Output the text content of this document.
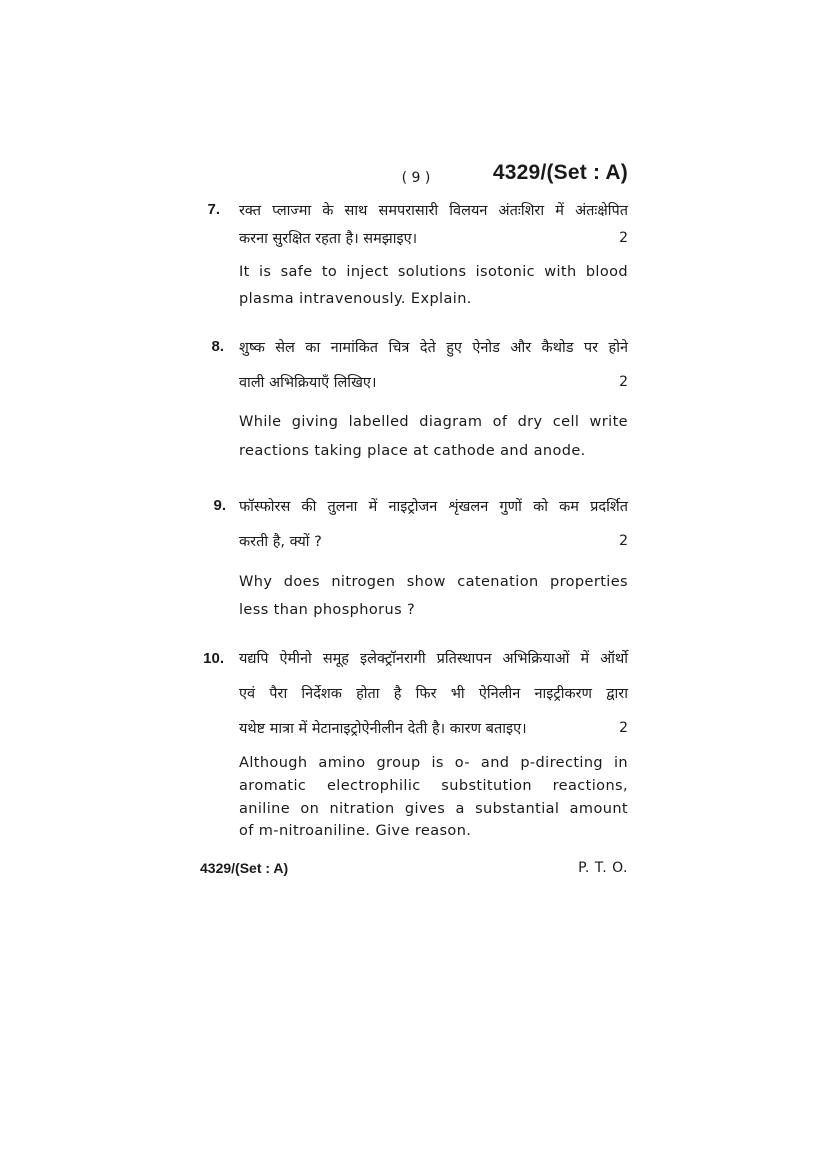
( 9 )	4329/(Set : A)
7. रक्त प्लाज्मा के साथ समपरासारी विलयन अंतःशिरा में अंतःक्षेपित
करना सुरक्षित रहता है। समझाइए।	2
It is safe to inject solutions isotonic with blood
plasma intravenously. Explain.
8. शुष्क सेल का नामांकित चित्र देते हुए ऐनोड और कैथोड पर होने
वाली अभिक्रियाएँ लिखिए।	2
While giving labelled diagram of dry cell write
reactions taking place at cathode and anode.
9. फॉस्फोरस की तुलना में नाइट्रोजन शृंखलन गुणों को कम प्रदर्शित
करती है, क्यों ?	2
Why does nitrogen show catenation properties
less than phosphorus ?
10. यद्यपि ऐमीनो समूह इलेक्ट्रॉनरागी प्रतिस्थापन अभिक्रियाओं में ऑर्थो
एवं पैरा निर्देशक होता है फिर भी ऐनिलीन नाइट्रीकरण द्वारा
यथेष्ट मात्रा में मेटानाइट्रोऐनीलीन देती है। कारण बताइए।	2
Although amino group is o- and p-directing in
aromatic electrophilic substitution reactions,
aniline on nitration gives a substantial amount
of m-nitroaniline. Give reason.
4329/(Set : A)	P. T. O.
